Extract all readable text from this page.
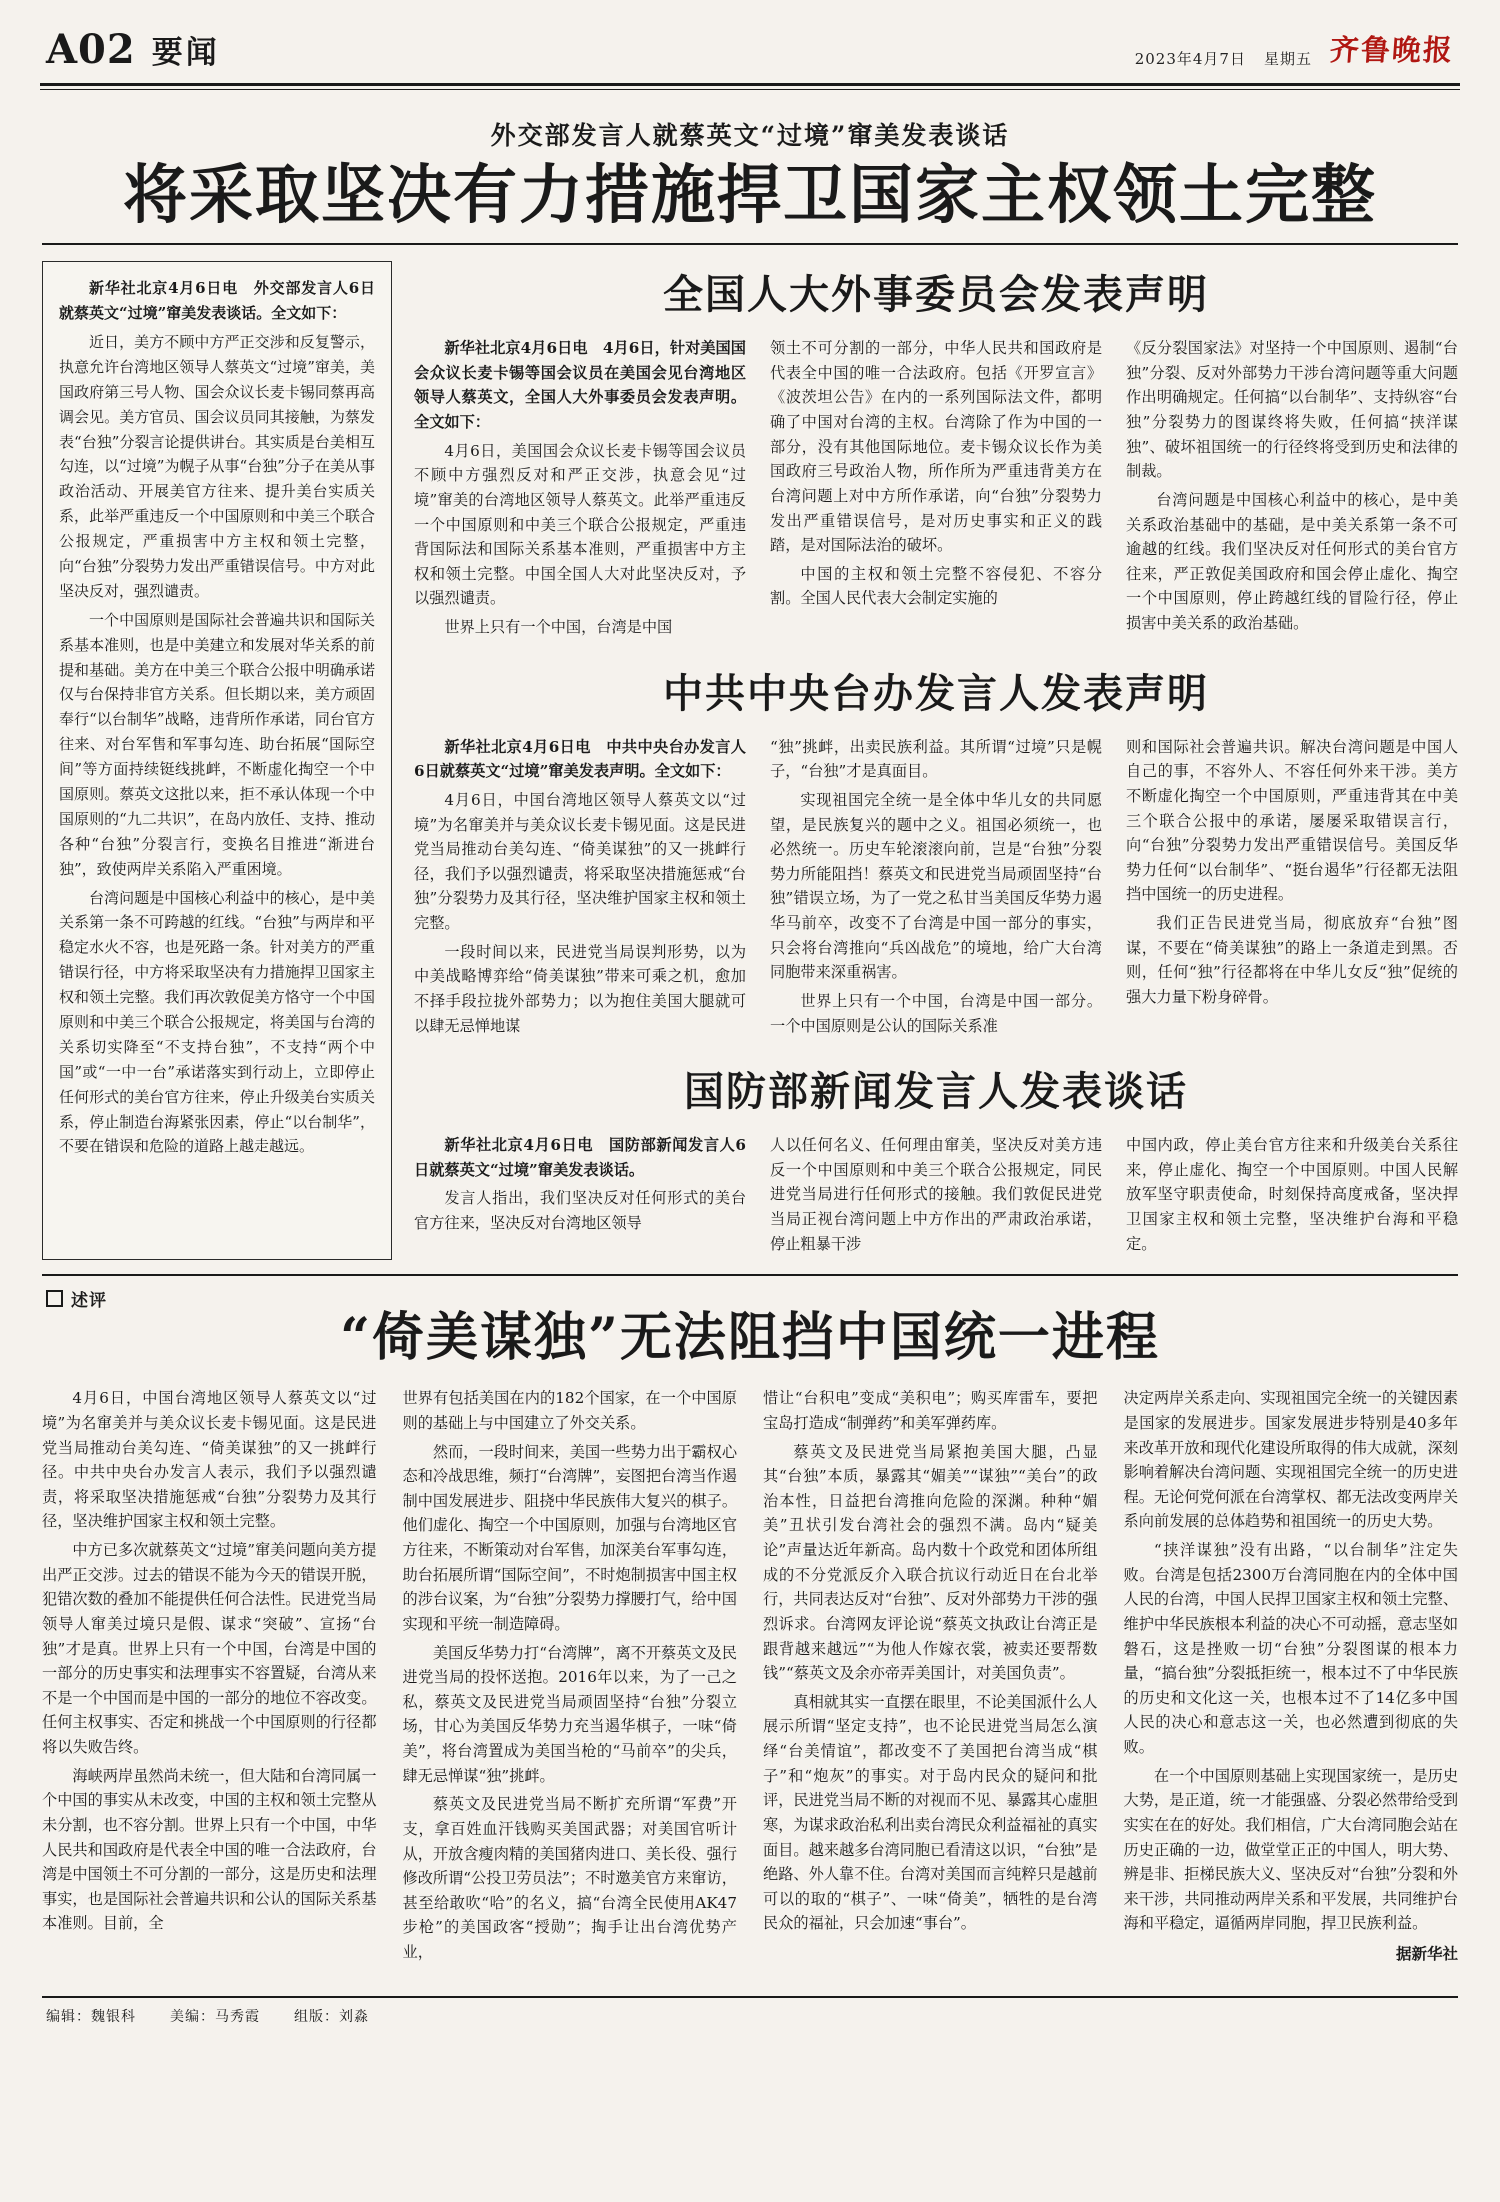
A02 要闻	2023年4月7日 星期五 齐鲁晚报
外交部发言人就蔡英文“过境”窜美发表谈话
将采取坚决有力措施捍卫国家主权领土完整

新华社北京4月6日电　外交部发言人6日就蔡英文“过境”窜美发表谈话。全文如下：

近日，美方不顾中方严正交涉和反复警示，执意允许台湾地区领导人蔡英文“过境”窜美，美国政府第三号人物、国会众议长麦卡锡同蔡再高调会见。美方官员、国会议员同其接触，为蔡发表“台独”分裂言论提供讲台。其实质是台美相互勾连，以“过境”为幌子从事“台独”分子在美从事政治活动、开展美官方往来、提升美台实质关系，此举严重违反一个中国原则和中美三个联合公报规定，严重损害中方主权和领土完整，向“台独”分裂势力发出严重错误信号。中方对此坚决反对，强烈谴责。

一个中国原则是国际社会普遍共识和国际关系基本准则，也是中美建立和发展对华关系的前提和基础。美方在中美三个联合公报中明确承诺仅与台保持非官方关系。但长期以来，美方顽固奉行“以台制华”战略，违背所作承诺，同台官方往来、对台军售和军事勾连、助台拓展“国际空间”等方面持续铤线挑衅，不断虚化掏空一个中国原则。蔡英文这批以来，拒不承认体现一个中国原则的“九二共识”，在岛内放任、支持、推动各种“台独”分裂言行，变换名目推进“渐进台独”，致使两岸关系陷入严重困境。

台湾问题是中国核心利益中的核心，是中美关系第一条不可跨越的红线。“台独”与两岸和平稳定水火不容，也是死路一条。针对美方的严重错误行径，中方将采取坚决有力措施捍卫国家主权和领土完整。我们再次敦促美方恪守一个中国原则和中美三个联合公报规定，将美国与台湾的关系切实降至“不支持台独”，不支持“两个中国”或“一中一台”承诺落实到行动上，立即停止任何形式的美台官方往来，停止升级美台实质关系，停止制造台海紧张因素，停止“以台制华”，不要在错误和危险的道路上越走越远。

全国人大外事委员会发表声明

新华社北京4月6日电　4月6日，针对美国国会众议长麦卡锡等国会议员在美国会见台湾地区领导人蔡英文，全国人大外事委员会发表声明。全文如下：

4月6日，美国国会众议长麦卡锡等国会议员不顾中方强烈反对和严正交涉，执意会见“过境”窜美的台湾地区领导人蔡英文。此举严重违反一个中国原则和中美三个联合公报规定，严重违背国际法和国际关系基本准则，严重损害中方主权和领土完整。中国全国人大对此坚决反对，予以强烈谴责。

世界上只有一个中国，台湾是中国

领土不可分割的一部分，中华人民共和国政府是代表全中国的唯一合法政府。包括《开罗宣言》《波茨坦公告》在内的一系列国际法文件，都明确了中国对台湾的主权。台湾除了作为中国的一部分，没有其他国际地位。麦卡锡众议长作为美国政府三号政治人物，所作所为严重违背美方在台湾问题上对中方所作承诺，向“台独”分裂势力发出严重错误信号，是对历史事实和正义的践踏，是对国际法治的破坏。

中国的主权和领土完整不容侵犯、不容分割。全国人民代表大会制定实施的

《反分裂国家法》对坚持一个中国原则、遏制“台独”分裂、反对外部势力干涉台湾问题等重大问题作出明确规定。任何搞“以台制华”、支持纵容“台独”分裂势力的图谋终将失败，任何搞“挟洋谋独”、破坏祖国统一的行径终将受到历史和法律的制裁。

台湾问题是中国核心利益中的核心，是中美关系政治基础中的基础，是中美关系第一条不可逾越的红线。我们坚决反对任何形式的美台官方往来，严正敦促美国政府和国会停止虚化、掏空一个中国原则，停止跨越红线的冒险行径，停止损害中美关系的政治基础。

中共中央台办发言人发表声明

新华社北京4月6日电　中共中央台办发言人6日就蔡英文“过境”窜美发表声明。全文如下：

4月6日，中国台湾地区领导人蔡英文以“过境”为名窜美并与美众议长麦卡锡见面。这是民进党当局推动台美勾连、“倚美谋独”的又一挑衅行径，我们予以强烈谴责，将采取坚决措施惩戒“台独”分裂势力及其行径，坚决维护国家主权和领土完整。

一段时间以来，民进党当局误判形势，以为中美战略博弈给“倚美谋独”带来可乘之机，愈加不择手段拉拢外部势力；以为抱住美国大腿就可以肆无忌惮地谋

“独”挑衅，出卖民族利益。其所谓“过境”只是幌子，“台独”才是真面目。

实现祖国完全统一是全体中华儿女的共同愿望，是民族复兴的题中之义。祖国必须统一，也必然统一。历史车轮滚滚向前，岂是“台独”分裂势力所能阻挡！蔡英文和民进党当局顽固坚持“台独”错误立场，为了一党之私甘当美国反华势力遏华马前卒，改变不了台湾是中国一部分的事实，只会将台湾推向“兵凶战危”的境地，给广大台湾同胞带来深重祸害。

世界上只有一个中国，台湾是中国一部分。一个中国原则是公认的国际关系准

则和国际社会普遍共识。解决台湾问题是中国人自己的事，不容外人、不容任何外来干涉。美方不断虚化掏空一个中国原则，严重违背其在中美三个联合公报中的承诺，屡屡采取错误言行，向“台独”分裂势力发出严重错误信号。美国反华势力任何“以台制华”、“挺台遏华”行径都无法阻挡中国统一的历史进程。

我们正告民进党当局，彻底放弃“台独”图谋，不要在“倚美谋独”的路上一条道走到黑。否则，任何“独”行径都将在中华儿女反“独”促统的强大力量下粉身碎骨。

国防部新闻发言人发表谈话

新华社北京4月6日电　国防部新闻发言人6日就蔡英文“过境”窜美发表谈话。

发言人指出，我们坚决反对任何形式的美台官方往来，坚决反对台湾地区领导

人以任何名义、任何理由窜美，坚决反对美方违反一个中国原则和中美三个联合公报规定，同民进党当局进行任何形式的接触。我们敦促民进党当局正视台湾问题上中方作出的严肃政治承诺，停止粗暴干涉

中国内政，停止美台官方往来和升级美台关系往来，停止虚化、掏空一个中国原则。中国人民解放军坚守职责使命，时刻保持高度戒备，坚决捍卫国家主权和领土完整，坚决维护台海和平稳定。

述评
“倚美谋独”无法阻挡中国统一进程

4月6日，中国台湾地区领导人蔡英文以“过境”为名窜美并与美众议长麦卡锡见面。这是民进党当局推动台美勾连、“倚美谋独”的又一挑衅行径。中共中央台办发言人表示，我们予以强烈谴责，将采取坚决措施惩戒“台独”分裂势力及其行径，坚决维护国家主权和领土完整。

中方已多次就蔡英文“过境”窜美问题向美方提出严正交涉。过去的错误不能为今天的错误开脱，犯错次数的叠加不能提供任何合法性。民进党当局领导人窜美过境只是假、谋求“突破”、宣扬“台独”才是真。世界上只有一个中国，台湾是中国的一部分的历史事实和法理事实不容置疑，台湾从来不是一个中国而是中国的一部分的地位不容改变。任何主权事实、否定和挑战一个中国原则的行径都将以失败告终。

海峡两岸虽然尚未统一，但大陆和台湾同属一个中国的事实从未改变，中国的主权和领土完整从未分割，也不容分割。世界上只有一个中国，中华人民共和国政府是代表全中国的唯一合法政府，台湾是中国领土不可分割的一部分，这是历史和法理事实，也是国际社会普遍共识和公认的国际关系基本准则。目前，全

世界有包括美国在内的182个国家，在一个中国原则的基础上与中国建立了外交关系。

然而，一段时间来，美国一些势力出于霸权心态和冷战思维，频打“台湾牌”，妄图把台湾当作遏制中国发展进步、阻挠中华民族伟大复兴的棋子。他们虚化、掏空一个中国原则，加强与台湾地区官方往来，不断策动对台军售，加深美台军事勾连，助台拓展所谓“国际空间”，不时炮制损害中国主权的涉台议案，为“台独”分裂势力撑腰打气，给中国实现和平统一制造障碍。

美国反华势力打“台湾牌”，离不开蔡英文及民进党当局的投怀送抱。2016年以来，为了一己之私，蔡英文及民进党当局顽固坚持“台独”分裂立场，甘心为美国反华势力充当遏华棋子，一味“倚美”，将台湾置成为美国当枪的“马前卒”的尖兵，肆无忌惮谋“独”挑衅。

蔡英文及民进党当局不断扩充所谓“军费”开支，拿百姓血汗钱购买美国武器；对美国官听计从，开放含瘦肉精的美国猪肉进口、美长役、强行修改所谓“公投卫劳员法”；不时邀美官方来窜访，甚至给敢吹“哈”的名义，搞“台湾全民使用AK47步枪”的美国政客“授勋”；掏手让出台湾优势产业，

惜让“台积电”变成“美积电”；购买库雷车，要把宝岛打造成“制弹药”和美军弹药库。

蔡英文及民进党当局紧抱美国大腿，凸显其“台独”本质，暴露其“媚美”“谋独”“美台”的政治本性，日益把台湾推向危险的深渊。种种“媚美”丑状引发台湾社会的强烈不满。岛内“疑美论”声量达近年新高。岛内数十个政党和团体所组成的不分党派反介入联合抗议行动近日在台北举行，共同表达反对“台独”、反对外部势力干涉的强烈诉求。台湾网友评论说“蔡英文执政让台湾正是跟背越来越远”“为他人作嫁衣裳，被卖还要帮数钱”“蔡英文及余亦帝弄美国计，对美国负责”。

真相就其实一直摆在眼里，不论美国派什么人展示所谓“坚定支持”，也不论民进党当局怎么演绎“台美情谊”，都改变不了美国把台湾当成“棋子”和“炮灰”的事实。对于岛内民众的疑问和批评，民进党当局不断的对视而不见、暴露其心虚胆寒，为谋求政治私利出卖台湾民众利益福祉的真实面目。越来越多台湾同胞已看清这以识，“台独”是绝路、外人靠不住。台湾对美国而言纯粹只是越前可以的取的“棋子”、一味“倚美”，牺牲的是台湾民众的福祉，只会加速“事台”。

决定两岸关系走向、实现祖国完全统一的关键因素是国家的发展进步。国家发展进步特别是40多年来改革开放和现代化建设所取得的伟大成就，深刻影响着解决台湾问题、实现祖国完全统一的历史进程。无论何党何派在台湾掌权、都无法改变两岸关系向前发展的总体趋势和祖国统一的历史大势。

“挟洋谋独”没有出路，“以台制华”注定失败。台湾是包括2300万台湾同胞在内的全体中国人民的台湾，中国人民捍卫国家主权和领土完整、维护中华民族根本利益的决心不可动摇，意志坚如磐石，这是挫败一切“台独”分裂图谋的根本力量，“搞台独”分裂抵拒统一，根本过不了中华民族的历史和文化这一关，也根本过不了14亿多中国人民的决心和意志这一关，也必然遭到彻底的失败。

在一个中国原则基础上实现国家统一，是历史大势，是正道，统一才能强盛、分裂必然带给受到实实在在的好处。我们相信，广大台湾同胞会站在历史正确的一边，做堂堂正正的中国人，明大势、辨是非、拒梯民族大义、坚决反对“台独”分裂和外来干涉，共同推动两岸关系和平发展，共同维护台海和平稳定，逼循两岸同胞，捍卫民族利益。

据新华社

编辑：魏银科 美编：马秀霞 组版：刘淼
